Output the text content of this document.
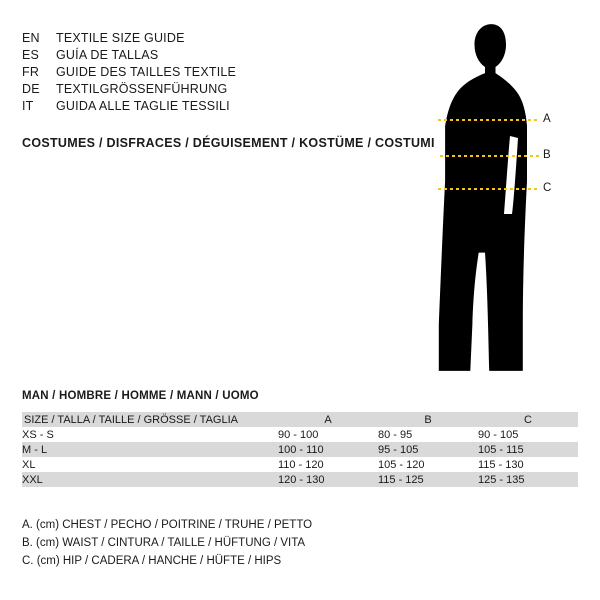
EN	TEXTILE SIZE GUIDE
ES	GUÍA DE TALLAS
FR	GUIDE DES TAILLES TEXTILE
DE	TEXTILGRÖSSENFÜHRUNG
IT	GUIDA ALLE TAGLIE TESSILI
COSTUMES / DISFRACES / DÉGUISEMENT / KOSTÜME / COSTUMI
A
B
C
MAN / HOMBRE / HOMME / MANN / UOMO
SIZE / TALLA / TAILLE / GRÖSSE / TAGLIA	A	B	C
XS - S	90 - 100	80 - 95	90 - 105
M - L	100 - 110	95 - 105	105 - 115
XL	110 - 120	105 - 120	115 - 130
XXL	120 - 130	115 - 125	125 - 135
A. (cm) CHEST / PECHO / POITRINE / TRUHE / PETTO
B. (cm) WAIST / CINTURA / TAILLE / HÜFTUNG / VITA
C. (cm) HIP / CADERA / HANCHE / HÜFTE / HIPS
